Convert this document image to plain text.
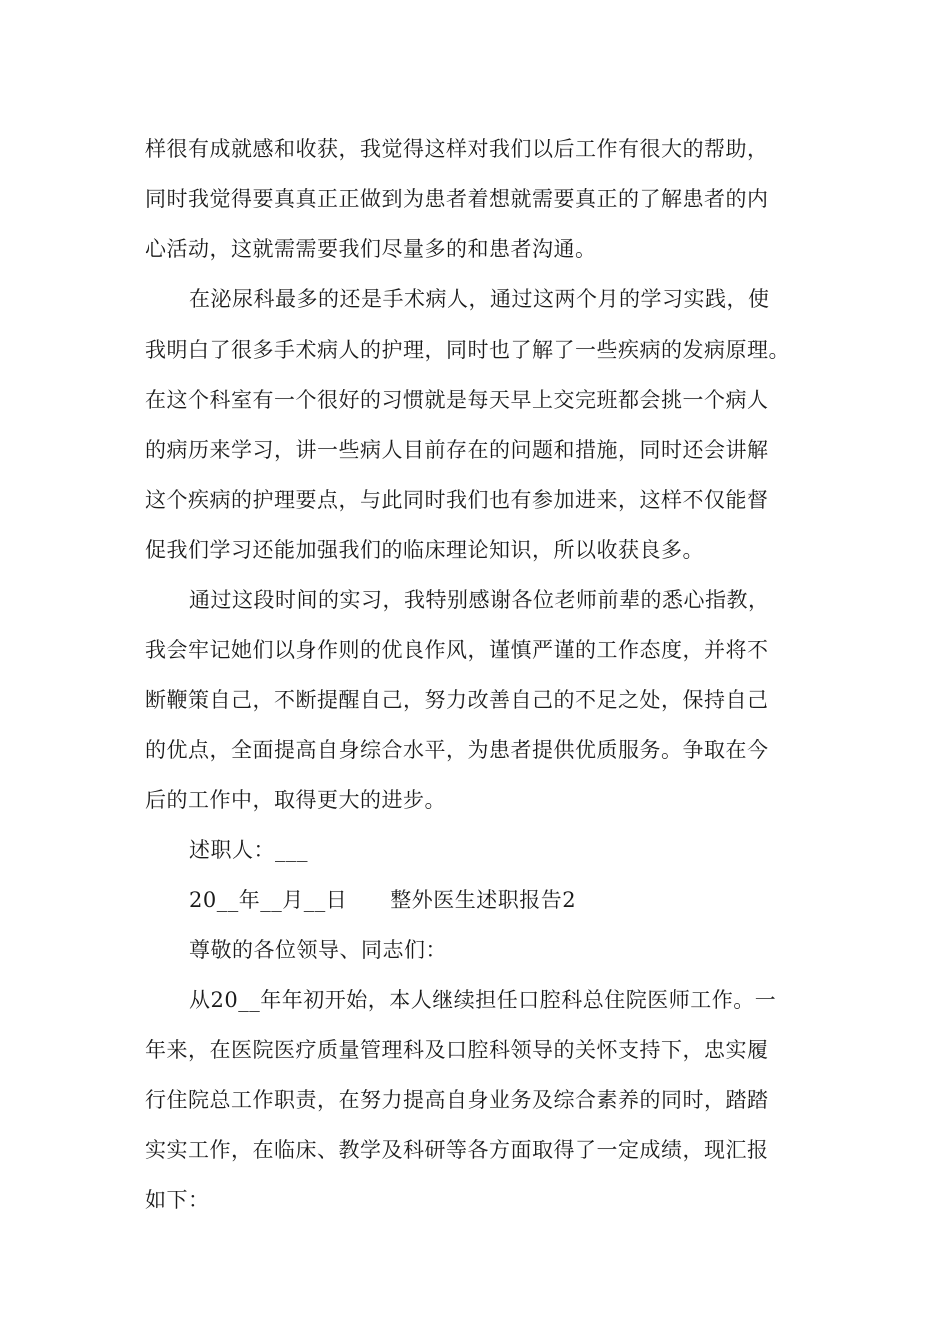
样很有成就感和收获，我觉得这样对我们以后工作有很大的帮助，
同时我觉得要真真正正做到为患者着想就需要真正的了解患者的内
心活动，这就需需要我们尽量多的和患者沟通。
在泌尿科最多的还是手术病人，通过这两个月的学习实践，使
我明白了很多手术病人的护理，同时也了解了一些疾病的发病原理。
在这个科室有一个很好的习惯就是每天早上交完班都会挑一个病人
的病历来学习，讲一些病人目前存在的问题和措施，同时还会讲解
这个疾病的护理要点，与此同时我们也有参加进来，这样不仅能督
促我们学习还能加强我们的临床理论知识，所以收获良多。
通过这段时间的实习，我特别感谢各位老师前辈的悉心指教，
我会牢记她们以身作则的优良作风，谨慎严谨的工作态度，并将不
断鞭策自己，不断提醒自己，努力改善自己的不足之处，保持自己
的优点，全面提高自身综合水平，为患者提供优质服务。争取在今
后的工作中，取得更大的进步。
述职人：___
20__年__月__日　　整外医生述职报告2
尊敬的各位领导、同志们：
从20__年年初开始，本人继续担任口腔科总住院医师工作。一
年来，在医院医疗质量管理科及口腔科领导的关怀支持下，忠实履
行住院总工作职责，在努力提高自身业务及综合素养的同时，踏踏
实实工作，在临床、教学及科研等各方面取得了一定成绩，现汇报
如下：
